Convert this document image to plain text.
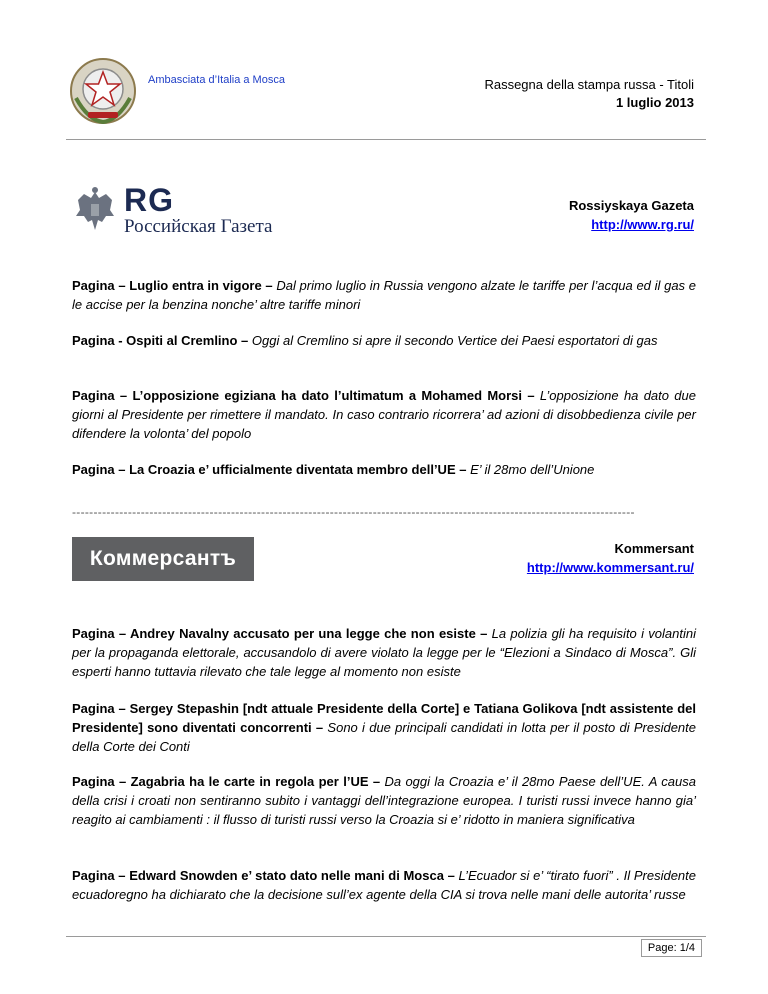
Ambasciata d’Italia a Mosca	Rassegna della stampa russa - Titoli
1 luglio 2013
RG
Российская Газета
Rossiyskaya Gazeta
http://www.rg.ru/
Pagina – Luglio entra in vigore – Dal primo luglio in Russia vengono alzate le tariffe per l’acqua ed il gas e le accise per la benzina nonche’ altre tariffe minori
Pagina - Ospiti al Cremlino – Oggi al Cremlino si apre il secondo Vertice dei Paesi esportatori di gas
Pagina – L’opposizione egiziana ha dato l’ultimatum a Mohamed Morsi – L’opposizione ha dato due giorni al Presidente per rimettere il mandato. In caso contrario ricorrera’ ad azioni di disobbedienza civile per difendere la volonta’ del popolo
Pagina – La Croazia e’ ufficialmente diventata membro dell’UE – E’ il 28mo dell’Unione
-----------------------------------------------------------------------------------------------------------------------------------
Коммерсантъ	Kommersant
http://www.kommersant.ru/
Pagina – Andrey Navalny accusato per una legge che non esiste – La polizia gli ha requisito i volantini per la propaganda elettorale, accusandolo di avere violato la legge per le “Elezioni a Sindaco di Mosca”. Gli esperti hanno tuttavia rilevato che tale legge al momento non esiste
Pagina – Sergey Stepashin [ndt attuale Presidente della Corte] e Tatiana Golikova [ndt assistente del Presidente] sono diventati concorrenti – Sono i due principali candidati in lotta per il posto di Presidente della Corte dei Conti
Pagina – Zagabria ha le carte in regola per l’UE – Da oggi la Croazia e’ il 28mo Paese dell’UE. A causa della crisi i croati non sentiranno subito i vantaggi dell’integrazione europea. I turisti russi invece hanno gia’ reagito ai cambiamenti : il flusso di turisti russi verso la Croazia si e’ ridotto in maniera significativa
Pagina – Edward Snowden e’ stato dato nelle mani di Mosca – L’Ecuador si e’ “tirato fuori” . Il Presidente ecuadoregno ha dichiarato che la decisione sull’ex agente della CIA si trova nelle mani delle autorita’ russe
Page: 1/4
